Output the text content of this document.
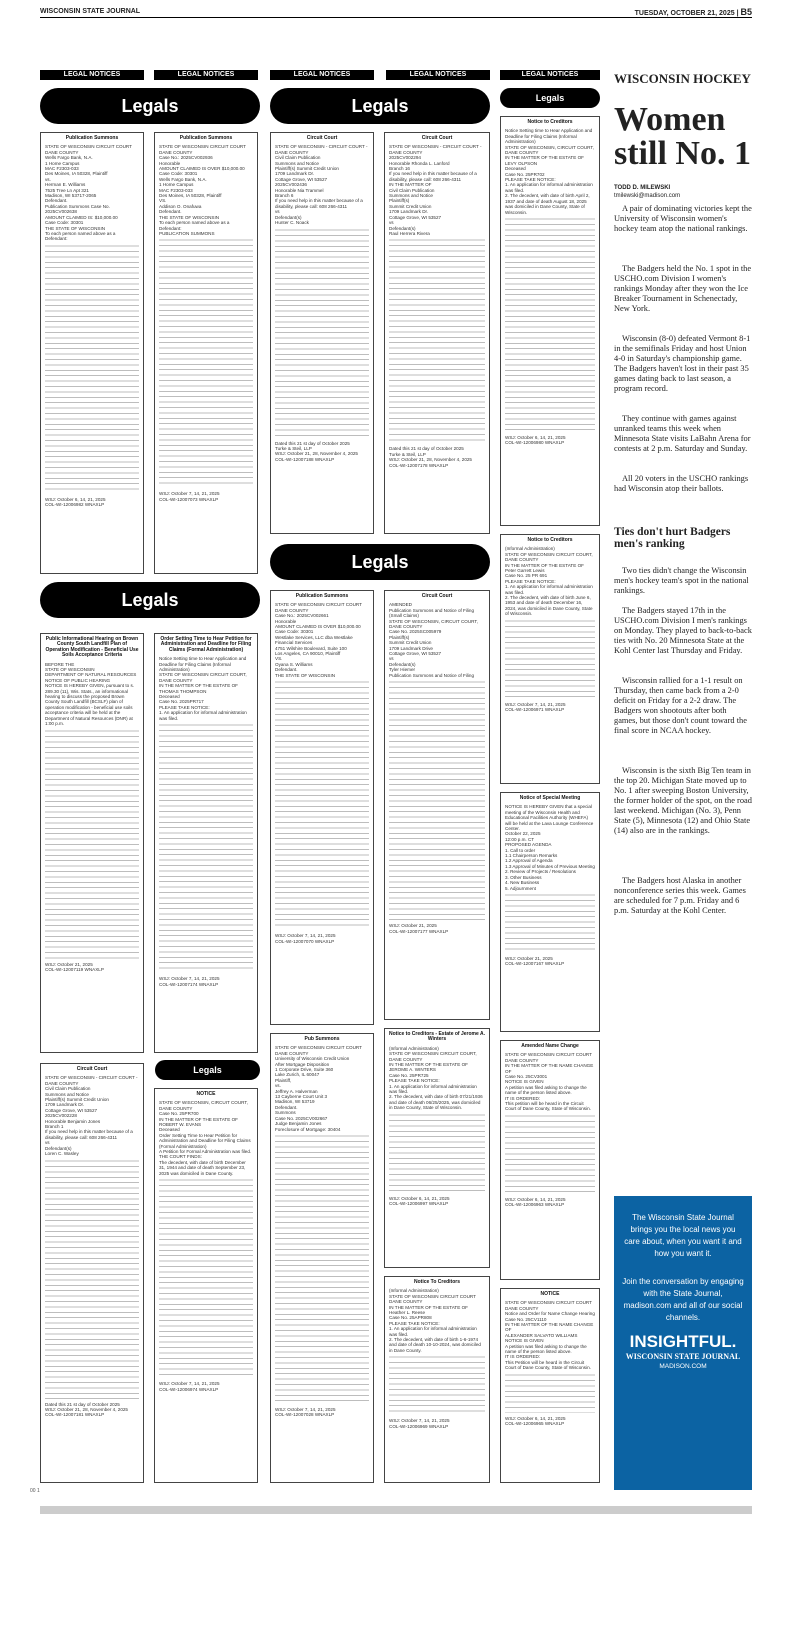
WISCONSIN STATE JOURNAL	TUESDAY, OCTOBER 21, 2025 | B5
LEGAL NOTICES	LEGAL NOTICES	LEGAL NOTICES	LEGAL NOTICES	LEGAL NOTICES
Legals	Legals	Legals
Legals
Legals
Legals
Publication Summons
STATE OF WISCONSIN CIRCUIT COURT DANE COUNTY
Wells Fargo Bank, N.A.
1 Home Campus
MAC F2303-033
Des Moines, IA 50328, Plaintiff
vs.
Herman E. Williams
7525 Tree Ln Apt 321
Madison, WI 53717-2065
Defendant.
Publication Summons Case No. 2025CV002638
AMOUNT CLAIMED IS: $10,000.00
Case Code: 30301
THE STATE OF WISCONSIN
To each person named above as a Defendant:
WSJ: October 6, 14, 21, 2025
COL-WI-12006982 WNAXLP
Public Informational Hearing on Brown County South Landfill Plan of Operation Modification - Beneficial Use Soils Acceptance Criteria
BEFORE THE
STATE OF WISCONSIN
DEPARTMENT OF NATURAL RESOURCES
NOTICE OF PUBLIC HEARING
NOTICE IS HEREBY GIVEN, pursuant to s. 289.30 (11), Wis. Stats., an informational hearing to discuss the proposed Brown County South Landfill (BCSLF) plan of operation modification - beneficial use soils acceptance criteria will be held at the Department of Natural Resources (DNR) at 1:00 p.m.
WSJ: October 21, 2025
COL-WI-12007119 WNAXLP
Circuit Court
STATE OF WISCONSIN - CIRCUIT COURT - DANE COUNTY
Civil Claim Publication
Summons and Notice
Plaintiff(s) Summit Credit Union
1709 Landmark Dr.
Cottage Grove, WI 53527
2025CV002228
Honorable Benjamin Jones
Branch 1
If you need help in this matter because of a disability, please call: 608 266-4311
vs
Defendant(s)
Loren C. Wasley
Dated this 21 st day of October 2025
WSJ: October 21, 28, November 4, 2025
COL-WI-12007181 WNAXLP
Publication Summons
STATE OF WISCONSIN CIRCUIT COURT DANE COUNTY
Case No.: 2025CV002936
Honorable
AMOUNT CLAIMED IS OVER $10,000.00 Case Code: 30301
Wells Fargo Bank, N.A.
1 Home Campus
MAC F2303-033
Des Moines, IA 50328, Plaintiff
VS.
Addison O. Onafuwa
Defendant.
THE STATE OF WISCONSIN
To each person named above as a Defendant:
PUBLICATION SUMMONS
WSJ: October 7, 14, 21, 2025
COL-WI-12007073 WNAXLP
Order Setting Time to Hear Petition for Administration and Deadline for Filing Claims (Formal Administration)
Notice Setting time to Hear Application and Deadline for Filing Claims (Informal Administration)
STATE OF WISCONSIN CIRCUIT COURT, DANE COUNTY
IN THE MATTER OF THE ESTATE OF THOMAS THOMPSON
Deceased
Case No. 2025PR717
PLEASE TAKE NOTICE:
1. An application for informal administration was filed.
WSJ: October 7, 14, 21, 2025
COL-WI-12007174 WNAXLP
NOTICE
STATE OF WISCONSIN, CIRCUIT COURT, DANE COUNTY
Case No. 25PR700
IN THE MATTER OF THE ESTATE OF ROBERT W. EVANS
Deceased
Order Setting Time to Hear Petition for Administration and Deadline for Filing Claims
(Formal Administration)
A Petition for Formal Administration was filed.
THE COURT FINDS:
The decedent, with date of birth December 31, 1944 and date of death September 23, 2025 was domiciled in Dane County.
WSJ: October 7, 14, 21, 2025
COL-WI-12006974 WNAXLP
Circuit Court
STATE OF WISCONSIN - CIRCUIT COURT - DANE COUNTY
Civil Claim Publication
Summons and Notice
Plaintiff(s) Summit Credit Union
1709 Landmark Dr.
Cottage Grove, WI 53527
2025CV002436
Honorable Nia Trammel
Branch 6
If you need help in this matter because of a disability, please call: 608 266-4311
vs
Defendant(s)
Hunter C. Noack
Dated this 21 st day of October 2025
Turke & Steil, LLP
WSJ: October 21, 28, November 4, 2025
COL-WI-12007188 WNAXLP
Publication Summons
STATE OF WISCONSIN CIRCUIT COURT DANE COUNTY
Case No.: 2025CV002661
Honorable
AMOUNT CLAIMED IS OVER $10,000.00 Case Code: 30301
Westlake Services, LLC dba Westlake Financial Services
4751 Wilshire Boulevard, Suite 100
Los Angeles, CA 90010, Plaintiff
VS.
Oyana S. Williams
Defendant.
THE STATE OF WISCONSIN
WSJ: October 7, 14, 21, 2025
COL-WI-12007070 WNAXLP
Pub Summons
STATE OF WISCONSIN CIRCUIT COURT DANE COUNTY
University of Wisconsin Credit Union
After Mortgage Disposition
1 Corporate Drive, Suite 360
Lake Zurich, IL 60047
Plaintiff,
vs.
Jeffrey A. Halverman
13 Cayberne Court Unit 3
Madison, WI 53719
Defendant.
Summons
Case No. 2025CV002667
Judge Benjamin Jones
Foreclosure of Mortgage: 30404
WSJ: October 7, 14, 21, 2025
COL-WI-12007028 WNAXLP
Circuit Court
STATE OF WISCONSIN - CIRCUIT COURT - DANE COUNTY
2025CV002294
Honorable Rhonda L. Lanford
Branch 16
If you need help in this matter because of a disability, please call: 608 266-4311
IN THE MATTER OF
Civil Claim Publication
Summons and Notice
Plaintiff(s)
Summit Credit Union
1709 Landmark Dr.
Cottage Grove, WI 53527
vs
Defendant(s)
Raul Herrera Rivera
Dated this 21 st day of October 2025
Turke & Steil, LLP
WSJ: October 21, 28, November 4, 2025
COL-WI-12007178 WNAXLP
Circuit Court
AMENDED
Publication Summons and Notice of Filing
(Small Claims)
STATE OF WISCONSIN, CIRCUIT COURT, DANE COUNTY
Case No. 2025SC005979
Plaintiff(s)
Summit Credit Union
1709 Landmark Drive
Cottage Grove, WI 53527
vs
Defendant(s)
Tyler Hiemer
Publication Summons and Notice of Filing
WSJ: October 21, 2025
COL-WI-12007177 WNAXLP
Notice to Creditors - Estate of Jerome A. Winters
(Informal Administration)
STATE OF WISCONSIN CIRCUIT COURT, DANE COUNTY
IN THE MATTER OF THE ESTATE OF JEROME A. WINTERS
Case No. 25PR725
PLEASE TAKE NOTICE:
1. An application for informal administration was filed.
2. The decedent, with date of birth 07/21/1936 and date of death 06/25/2025, was domiciled in Dane County, State of Wisconsin.
WSJ: October 6, 14, 21, 2025
COL-WI-12006997 WNAXLP
Notice To Creditors
(Informal Administration)
STATE OF WISCONSIN CIRCUIT COURT DANE COUNTY
IN THE MATTER OF THE ESTATE OF Heather L. Reese
Case No. 25APR808
PLEASE TAKE NOTICE:
1. An application for informal administration was filed.
2. The decedent, with date of birth 1-6-1974 and date of death 10-10-2024, was domiciled in Dane County.
WSJ: October 7, 14, 21, 2025
COL-WI-12006969 WNAXLP
Notice to Creditors
Notice Setting time to Hear Application and Deadline for Filing Claims (Informal Administration)
STATE OF WISCONSIN, CIRCUIT COURT, DANE COUNTY
IN THE MATTER OF THE ESTATE OF LEVY OLPSON
Deceased
Case No. 25PR702
PLEASE TAKE NOTICE:
1. An application for informal administration was filed.
2. The decedent, with date of birth April 2, 1937 and date of death August 18, 2025 was domiciled in Dane County, State of Wisconsin.
WSJ: October 6, 14, 21, 2025
COL-WI-12006980 WNAXLP
Notice to Creditors
(Informal Administration)
STATE OF WISCONSIN CIRCUIT COURT, DANE COUNTY
IN THE MATTER OF THE ESTATE OF Peter Garrett Lewis
Case No. 25 PR 691
PLEASE TAKE NOTICE:
1. An application for informal administration was filed.
2. The decedent, with date of birth June 6, 1953 and date of death December 16, 2024, was domiciled in Dane County, State of Wisconsin.
WSJ: October 7, 14, 21, 2025
COL-WI-12006971 WNAXLP
Notice of Special Meeting
NOTICE IS HEREBY GIVEN that a special meeting of the Wisconsin Health and Educational Facilities Authority (WHEFA) will be held at the Lava Lounge Conference Center.
October 22, 2025
12:00 p.m. CT
PROPOSED AGENDA
1. Call to order
1.1 Chairperson Remarks
1.2 Approval of Agenda
1.3 Approval of Minutes of Previous Meeting
2. Review of Projects / Resolutions
3. Other Business
4. New Business
5. Adjournment
WSJ: October 21, 2025
COL-WI-12007167 WNAXLP
Amended Name Change
STATE OF WISCONSIN CIRCUIT COURT DANE COUNTY
IN THE MATTER OF THE NAME CHANGE OF
Case No. 25CV3001
NOTICE IS GIVEN
A petition was filed asking to change the name of the person listed above.
IT IS ORDERED:
This petition will be heard in the Circuit Court of Dane County, State of Wisconsin.
WSJ: October 6, 14, 21, 2025
COL-WI-12006963 WNAXLP
NOTICE
STATE OF WISCONSIN CIRCUIT COURT DANE COUNTY
Notice and Order for Name Change Hearing
Case No. 25CV1110
IN THE MATTER OF THE NAME CHANGE OF
ALEXANDER SALVATO WILLIAMS
NOTICE IS GIVEN
A petition was filed asking to change the name of the person listed above.
IT IS ORDERED:
This Petition will be heard in the Circuit Court of Dane County, State of Wisconsin.
WSJ: October 6, 14, 21, 2025
COL-WI-12006965 WNAXLP
WISCONSIN HOCKEY
Women still No. 1
TODD D. MILEWSKI
tmilewski@madison.com
A pair of dominating victories kept the University of Wisconsin women's hockey team atop the national rankings.
The Badgers held the No. 1 spot in the USCHO.com Division I women's rankings Monday after they won the Ice Breaker Tournament in Schenectady, New York.
Wisconsin (8-0) defeated Vermont 8-1 in the semifinals Friday and host Union 4-0 in Saturday's championship game. The Badgers haven't lost in their past 35 games dating back to last season, a program record.
They continue with games against unranked teams this week when Minnesota State visits LaBahn Arena for contests at 2 p.m. Saturday and Sunday.
All 20 voters in the USCHO rankings had Wisconsin atop their ballots.
Ties don't hurt Badgers men's ranking
Two ties didn't change the Wisconsin men's hockey team's spot in the national rankings.
The Badgers stayed 17th in the USCHO.com Division I men's rankings on Monday. They played to back-to-back ties with No. 20 Minnesota State at the Kohl Center last Thursday and Friday.
Wisconsin rallied for a 1-1 result on Thursday, then came back from a 2-0 deficit on Friday for a 2-2 draw. The Badgers won shootouts after both games, but those don't count toward the final score in NCAA hockey.
Wisconsin is the sixth Big Ten team in the top 20. Michigan State moved up to No. 1 after sweeping Boston University, the former holder of the spot, on the road last weekend. Michigan (No. 3), Penn State (5), Minnesota (12) and Ohio State (14) also are in the rankings.
The Badgers host Alaska in another nonconference series this week. Games are scheduled for 7 p.m. Friday and 6 p.m. Saturday at the Kohl Center.
The Wisconsin State Journal brings you the local news you care about, when you want it and how you want it.
Join the conversation by engaging with the State Journal, madison.com and all of our social channels.
INSIGHTFUL.
WISCONSIN STATE JOURNAL
MADISON.COM
00 1
